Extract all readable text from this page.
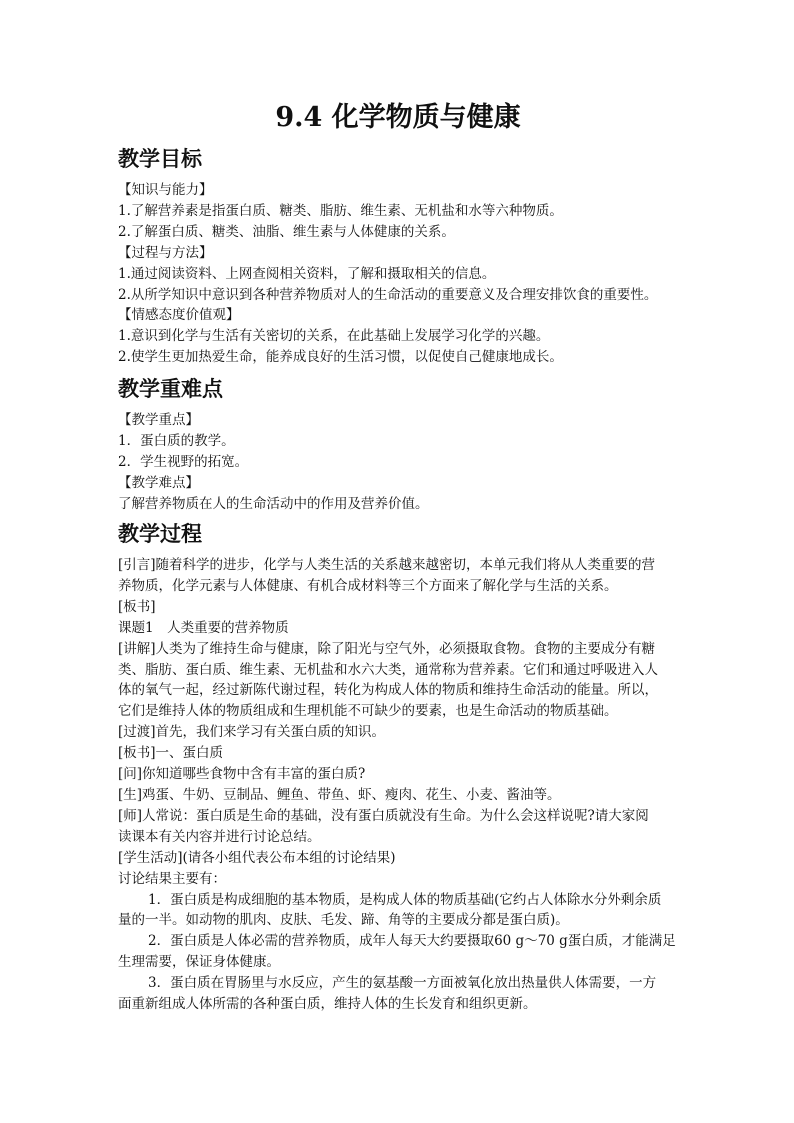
9.4 化学物质与健康
教学目标

【知识与能力】

1.了解营养素是指蛋白质、糖类、脂肪、维生素、无机盐和水等六种物质。

2.了解蛋白质、糖类、油脂、维生素与人体健康的关系。

【过程与方法】

1.通过阅读资料、上网查阅相关资料，了解和摄取相关的信息。

2.从所学知识中意识到各种营养物质对人的生命活动的重要意义及合理安排饮食的重要性。

【情感态度价值观】

1.意识到化学与生活有关密切的关系，在此基础上发展学习化学的兴趣。

2.使学生更加热爱生命，能养成良好的生活习惯，以促使自己健康地成长。

教学重难点

【教学重点】

1．蛋白质的教学。

2．学生视野的拓宽。

【教学难点】

了解营养物质在人的生命活动中的作用及营养价值。

教学过程

[引言]随着科学的进步，化学与人类生活的关系越来越密切，本单元我们将从人类重要的营

养物质，化学元素与人体健康、有机合成材料等三个方面来了解化学与生活的关系。

[板书]

课题1　人类重要的营养物质

[讲解]人类为了维持生命与健康，除了阳光与空气外，必须摄取食物。食物的主要成分有糖

类、脂肪、蛋白质、维生素、无机盐和水六大类，通常称为营养素。它们和通过呼吸进入人

体的氧气一起，经过新陈代谢过程，转化为构成人体的物质和维持生命活动的能量。所以，

它们是维持人体的物质组成和生理机能不可缺少的要素，也是生命活动的物质基础。

[过渡]首先，我们来学习有关蛋白质的知识。

[板书]一、蛋白质

[问]你知道哪些食物中含有丰富的蛋白质?

[生]鸡蛋、牛奶、豆制品、鲤鱼、带鱼、虾、瘦肉、花生、小麦、酱油等。

[师]人常说：蛋白质是生命的基础，没有蛋白质就没有生命。为什么会这样说呢?请大家阅

读课本有关内容并进行讨论总结。

[学生活动](请各小组代表公布本组的讨论结果)

讨论结果主要有：

1．蛋白质是构成细胞的基本物质，是构成人体的物质基础(它约占人体除水分外剩余质

量的一半。如动物的肌肉、皮肤、毛发、蹄、角等的主要成分都是蛋白质)。

2．蛋白质是人体必需的营养物质，成年人每天大约要摄取60 g～70 g蛋白质，才能满足

生理需要，保证身体健康。

3．蛋白质在胃肠里与水反应，产生的氨基酸一方面被氧化放出热量供人体需要，一方

面重新组成人体所需的各种蛋白质，维持人体的生长发育和组织更新。
